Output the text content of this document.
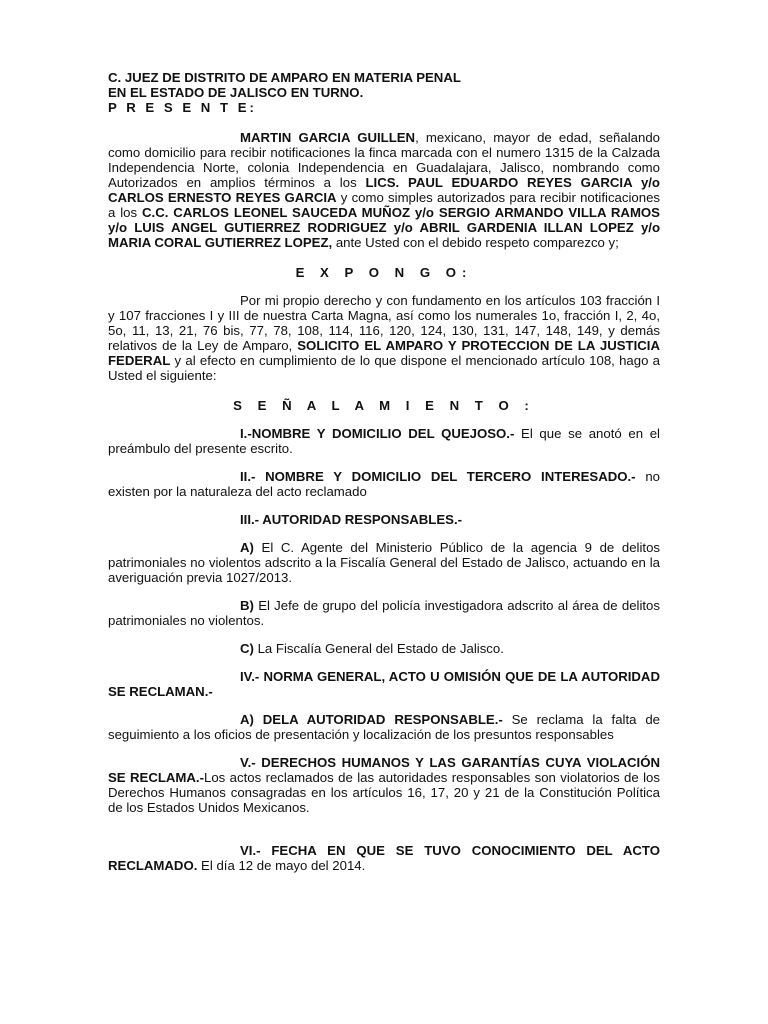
C. JUEZ DE DISTRITO DE AMPARO EN MATERIA PENAL
EN EL ESTADO DE JALISCO EN TURNO.
P R E S E N T E:

MARTIN GARCIA GUILLEN, mexicano, mayor de edad, señalando como domicilio para recibir notificaciones la finca marcada con el numero 1315 de la Calzada Independencia Norte, colonia Independencia en Guadalajara, Jalisco, nombrando como Autorizados en amplios términos a los LICS. PAUL EDUARDO REYES GARCIA y/o CARLOS ERNESTO REYES GARCIA y como simples autorizados para recibir notificaciones a los C.C. CARLOS LEONEL SAUCEDA MUÑOZ y/o SERGIO ARMANDO VILLA RAMOS y/o LUIS ANGEL GUTIERREZ RODRIGUEZ y/o ABRIL GARDENIA ILLAN LOPEZ y/o MARIA CORAL GUTIERREZ LOPEZ, ante Usted con el debido respeto comparezco y;

E X P O N G O:

Por mi propio derecho y con fundamento en los artículos 103 fracción I y 107 fracciones I y III de nuestra Carta Magna, así como los numerales 1o, fracción I, 2, 4o, 5o, 11, 13, 21, 76 bis, 77, 78, 108, 114, 116, 120, 124, 130, 131, 147, 148, 149, y demás relativos de la Ley de Amparo, SOLICITO EL AMPARO Y PROTECCION DE LA JUSTICIA FEDERAL y al efecto en cumplimiento de lo que dispone el mencionado artículo 108, hago a Usted el siguiente:

S E Ñ A L A M I E N T O :

I.-NOMBRE Y DOMICILIO DEL QUEJOSO.- El que se anotó en el preámbulo del presente escrito.

II.- NOMBRE Y DOMICILIO DEL TERCERO INTERESADO.- no existen por la naturaleza del acto reclamado

III.- AUTORIDAD RESPONSABLES.-

A) El C. Agente del Ministerio Público de la agencia 9 de delitos patrimoniales no violentos adscrito a la Fiscalía General del Estado de Jalisco, actuando en la averiguación previa 1027/2013.

B) El Jefe de grupo del policía investigadora adscrito al área de delitos patrimoniales no violentos.

C) La Fiscalía General del Estado de Jalisco.

IV.- NORMA GENERAL, ACTO U OMISIÓN QUE DE LA AUTORIDAD SE RECLAMAN.-

A) DELA AUTORIDAD RESPONSABLE.- Se reclama la falta de seguimiento a los oficios de presentación y localización de los presuntos responsables

V.- DERECHOS HUMANOS Y LAS GARANTÍAS CUYA VIOLACIÓN SE RECLAMA.-Los actos reclamados de las autoridades responsables son violatorios de los Derechos Humanos consagradas en los artículos 16, 17, 20 y 21 de la Constitución Política de los Estados Unidos Mexicanos.

VI.- FECHA EN QUE SE TUVO CONOCIMIENTO DEL ACTO RECLAMADO. El día 12 de mayo del 2014.
